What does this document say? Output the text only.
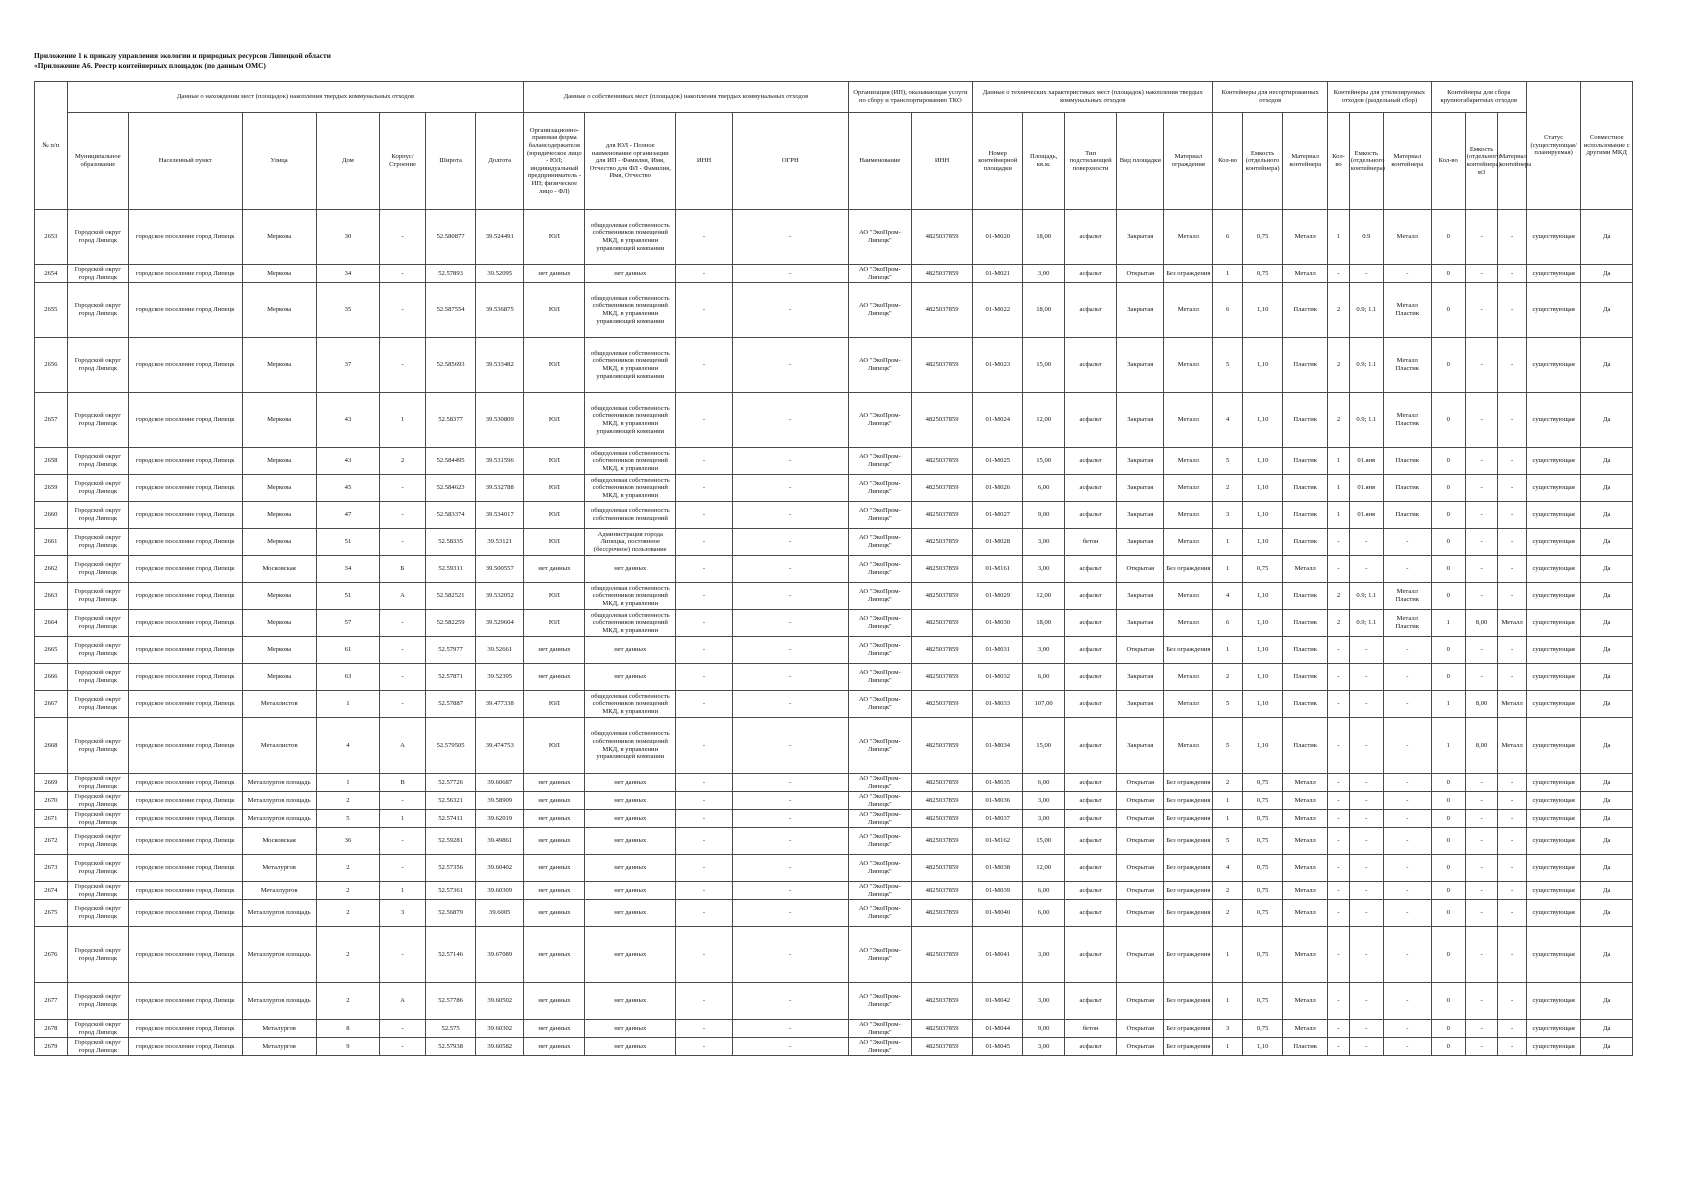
Приложение 1 к приказу управления экологии и природных ресурсов Липецкой области
«Приложение А6. Реестр контейнерных площадок (по данным ОМС)
№ п/п	Данные о нахождении мест (площадок) накопления твердых коммунальных отходов							Данные о собственниках мест (площадок) накопления твердых коммунальных отходов				Организация (ИП), оказывающая услуги по сбору и транспортированию ТКО		Данные о технических характеристиках мест (площадок) накопления твердых коммунальных отходов					Контейнеры для несортированных отходов			Контейнеры для утилизируемых отходов (раздельный сбор)			Контейнеры для сбора крупногабаритных отходов			Статус (существующая/ планируемая)	Совместное использование с другими МКД
	Муниципальное образование	Населенный пункт	Улица	Дом	Корпус/Строение	Широта	Долгота	Организационно-правовая форма балансодержателя (юридическое лицо - ЮЛ; индивидуальный предприниматель - ИП; физическое лицо - ФЛ)	для ЮЛ - Полное наименование организации для ИП - Фамилия, Имя, Отчество для ФЛ - Фамилия, Имя, Отчество	ИНН	ОГРН	Наименование	ИНН	Номер контейнерной площадки	Площадь, кв.м.	Тип подстилающей поверхности	Вид площадки	Материал ограждения	Кол-во	Емкость (отдельного контейнера)	Материал контейнера	Кол-во	Емкость (отдельного контейнера)	Материал контейнера	Кол-во	Емкость (отдельного контейнера) м3	Материал контейнера		
2653	Городской округ город Липецк	городское поселение город Липецк	Меркова	30	-	52.580877	39.524491	ЮЛ	общедолевая собственность собственников помещений МКД, в управлении управляющей компании	-	-	АО "ЭкоПром-Липецк"	4825037859	01-М020	18,00	асфальт	Закрытая	Металл	6	0,75	Металл	1	0.9	Металл	0	-	-	существующая	Да
2654	Городской округ город Липецк	городское поселение город Липецк	Меркова	34	-	52.57893	39.52095	нет данных	нет данных	-	-	АО "ЭкоПром-Липецк"	4825037859	01-М021	3,00	асфальт	Открытая	Без ограждения	1	0,75	Металл	-	-	-	0	-	-	существующая	Да
2655	Городской округ город Липецк	городское поселение город Липецк	Меркова	35	-	52.587554	39.536875	ЮЛ	общедолевая собственность собственников помещений МКД, в управлении управляющей компании	-	-	АО "ЭкоПром-Липецк"	4825037859	01-М022	18,00	асфальт	Закрытая	Металл	6	1,10	Пластик	2	0.9; 1.1	Металл Пластик	0	-	-	существующая	Да
2656	Городской округ город Липецк	городское поселение город Липецк	Меркова	37	-	52.585693	39.533482	ЮЛ	общедолевая собственность собственников помещений МКД, в управлении управляющей компании	-	-	АО "ЭкоПром-Липецк"	4825037859	01-М023	15,00	асфальт	Закрытая	Металл	5	1,10	Пластик	2	0.9; 1.1	Металл Пластик	0	-	-	существующая	Да
2657	Городской округ город Липецк	городское поселение город Липецк	Меркова	43	1	52.58377	39.530809	ЮЛ	общедолевая собственность собственников помещений МКД, в управлении управляющей компании	-	-	АО "ЭкоПром-Липецк"	4825037859	01-М024	12,00	асфальт	Закрытая	Металл	4	1,10	Пластик	2	0.9; 1.1	Металл Пластик	0	-	-	существующая	Да
2658	Городской округ город Липецк	городское поселение город Липецк	Меркова	43	2	52.584495	39.531596	ЮЛ	общедолевая собственность собственников помещений МКД, в управлении	-	-	АО "ЭкоПром-Липецк"	4825037859	01-М025	15,00	асфальт	Закрытая	Металл	5	1,10	Пластик	1	01.янв	Пластик	0	-	-	существующая	Да
2659	Городской округ город Липецк	городское поселение город Липецк	Меркова	45	-	52.584623	39.532788	ЮЛ	общедолевая собственность собственников помещений МКД, в управлении	-	-	АО "ЭкоПром-Липецк"	4825037859	01-М026	6,00	асфальт	Закрытая	Металл	2	1,10	Пластик	1	01.янв	Пластик	0	-	-	существующая	Да
2660	Городской округ город Липецк	городское поселение город Липецк	Меркова	47	-	52.583374	39.534017	ЮЛ	общедолевая собственность собственников помещений	-	-	АО "ЭкоПром-Липецк"	4825037859	01-М027	9,00	асфальт	Закрытая	Металл	3	1,10	Пластик	1	01.янв	Пластик	0	-	-	существующая	Да
2661	Городской округ город Липецк	городское поселение город Липецк	Меркова	51	-	52.58335	39.53121	ЮЛ	Администрация города Липецка, постоянное (бессрочное) пользование	-	-	АО "ЭкоПром-Липецк"	4825037859	01-М028	3,00	бетон	Закрытая	Металл	1	1,10	Пластик	-	-	-	0	-	-	существующая	Да
2662	Городской округ город Липецк	городское поселение город Липецк	Московская	34	Б	52.59311	39.500557	нет данных	нет данных	-	-	АО "ЭкоПром-Липецк"	4825037859	01-М161	3,00	асфальт	Открытая	Без ограждения	1	0,75	Металл	-	-	-	0	-	-	существующая	Да
2663	Городской округ город Липецк	городское поселение город Липецк	Меркова	51	А	52.582521	39.532052	ЮЛ	общедолевая собственность собственников помещений МКД, в управлении	-	-	АО "ЭкоПром-Липецк"	4825037859	01-М029	12,00	асфальт	Закрытая	Металл	4	1,10	Пластик	2	0.9; 1.1	Металл Пластик	0	-	-	существующая	Да
2664	Городской округ город Липецк	городское поселение город Липецк	Меркова	57	-	52.582259	39.529604	ЮЛ	общедолевая собственность собственников помещений МКД, в управлении	-	-	АО "ЭкоПром-Липецк"	4825037859	01-М030	18,00	асфальт	Закрытая	Металл	6	1,10	Пластик	2	0.9; 1.1	Металл Пластик	1	8,00	Металл	существующая	Да
2665	Городской округ город Липецк	городское поселение город Липецк	Меркова	61	-	52.57977	39.52661	нет данных	нет данных	-	-	АО "ЭкоПром-Липецк"	4825037859	01-М031	3,00	асфальт	Открытая	Без ограждения	1	1,10	Пластик	-	-	-	0	-	-	существующая	Да
2666	Городской округ город Липецк	городское поселение город Липецк	Меркова	63	-	52.57871	39.52395	нет данных	нет данных	-	-	АО "ЭкоПром-Липецк"	4825037859	01-М032	6,00	асфальт	Закрытая	Металл	2	1,10	Пластик	-	-	-	0	-	-	существующая	Да
2667	Городской округ город Липецк	городское поселение город Липецк	Металлистов	1	-	52.57887	39.477338	ЮЛ	общедолевая собственность собственников помещений МКД, в управлении	-	-	АО "ЭкоПром-Липецк"	4825037859	01-М033	107,00	асфальт	Закрытая	Металл	5	1,10	Пластик	-	-	-	1	8,00	Металл	существующая	Да
2668	Городской округ город Липецк	городское поселение город Липецк	Металлистов	4	А	52.579505	39.474753	ЮЛ	общедолевая собственность собственников помещений МКД, в управлении управляющей компании	-	-	АО "ЭкоПром-Липецк"	4825037859	01-М034	15,00	асфальт	Закрытая	Металл	5	1,10	Пластик	-	-	-	1	8,00	Металл	существующая	Да
2669	Городской округ город Липецк	городское поселение город Липецк	Металлургов площадь	1	В	52.57726	39.60687	нет данных	нет данных	-	-	АО "ЭкоПром-Липецк"	4825037859	01-М035	6,00	асфальт	Открытая	Без ограждения	2	0,75	Металл	-	-	-	0	-	-	существующая	Да
2670	Городской округ город Липецк	городское поселение город Липецк	Металлургов площадь	2	-	52.56321	39.58909	нет данных	нет данных	-	-	АО "ЭкоПром-Липецк"	4825037859	01-М036	3,00	асфальт	Открытая	Без ограждения	1	0,75	Металл	-	-	-	0	-	-	существующая	Да
2671	Городской округ город Липецк	городское поселение город Липецк	Металлургов площадь	5	1	52.57411	39.62019	нет данных	нет данных	-	-	АО "ЭкоПром-Липецк"	4825037859	01-М037	3,00	асфальт	Открытая	Без ограждения	1	0,75	Металл	-	-	-	0	-	-	существующая	Да
2672	Городской округ город Липецк	городское поселение город Липецк	Московская	36	-	52.59281	39.49861	нет данных	нет данных	-	-	АО "ЭкоПром-Липецк"	4825037859	01-М162	15,00	асфальт	Открытая	Без ограждения	5	0,75	Металл	-	-	-	0	-	-	существующая	Да
2673	Городской округ город Липецк	городское поселение город Липецк	Металургов	2	-	52.57356	39.60402	нет данных	нет данных	-	-	АО "ЭкоПром-Липецк"	4825037859	01-М038	12,00	асфальт	Открытая	Без ограждения	4	0,75	Металл	-	-	-	0	-	-	существующая	Да
2674	Городской округ город Липецк	городское поселение город Липецк	Металлургов	2	1	52.57361	39.60309	нет данных	нет данных	-	-	АО "ЭкоПром-Липецк"	4825037859	01-М039	6,00	асфальт	Открытая	Без ограждения	2	0,75	Металл	-	-	-	0	-	-	существующая	Да
2675	Городской округ город Липецк	городское поселение город Липецк	Металлургов площадь	2	3	52.56879	39.6005	нет данных	нет данных	-	-	АО "ЭкоПром-Липецк"	4825037859	01-М040	6,00	асфальт	Открытая	Без ограждения	2	0,75	Металл	-	-	-	0	-	-	существующая	Да
2676	Городской округ город Липецк	городское поселение город Липецк	Металлургов площадь	2	-	52.57146	39.67089	нет данных	нет данных	-	-	АО "ЭкоПром-Липецк"	4825037859	01-М041	3,00	асфальт	Открытая	Без ограждения	1	0,75	Металл	-	-	-	0	-	-	существующая	Да
2677	Городской округ город Липецк	городское поселение город Липецк	Металлургов площадь	2	А	52.57786	39.60502	нет данных	нет данных	-	-	АО "ЭкоПром-Липецк"	4825037859	01-М042	3,00	асфальт	Открытая	Без ограждения	1	0,75	Металл	-	-	-	0	-	-	существующая	Да
2678	Городской округ город Липецк	городское поселение город Липецк	Металургов	8	-	52.575	39.60302	нет данных	нет данных	-	-	АО "ЭкоПром-Липецк"	4825037859	01-М044	9,00	бетон	Открытая	Без ограждения	3	0,75	Металл	-	-	-	0	-	-	существующая	Да
2679	Городской округ город Липецк	городское поселение город Липецк	Металургов	9	-	52.57938	39.60582	нет данных	нет данных	-	-	АО "ЭкоПром-Липецк"	4825037859	01-М045	3,00	асфальт	Открытая	Без ограждения	1	1,10	Пластик	-	-	-	0	-	-	существующая	Да
